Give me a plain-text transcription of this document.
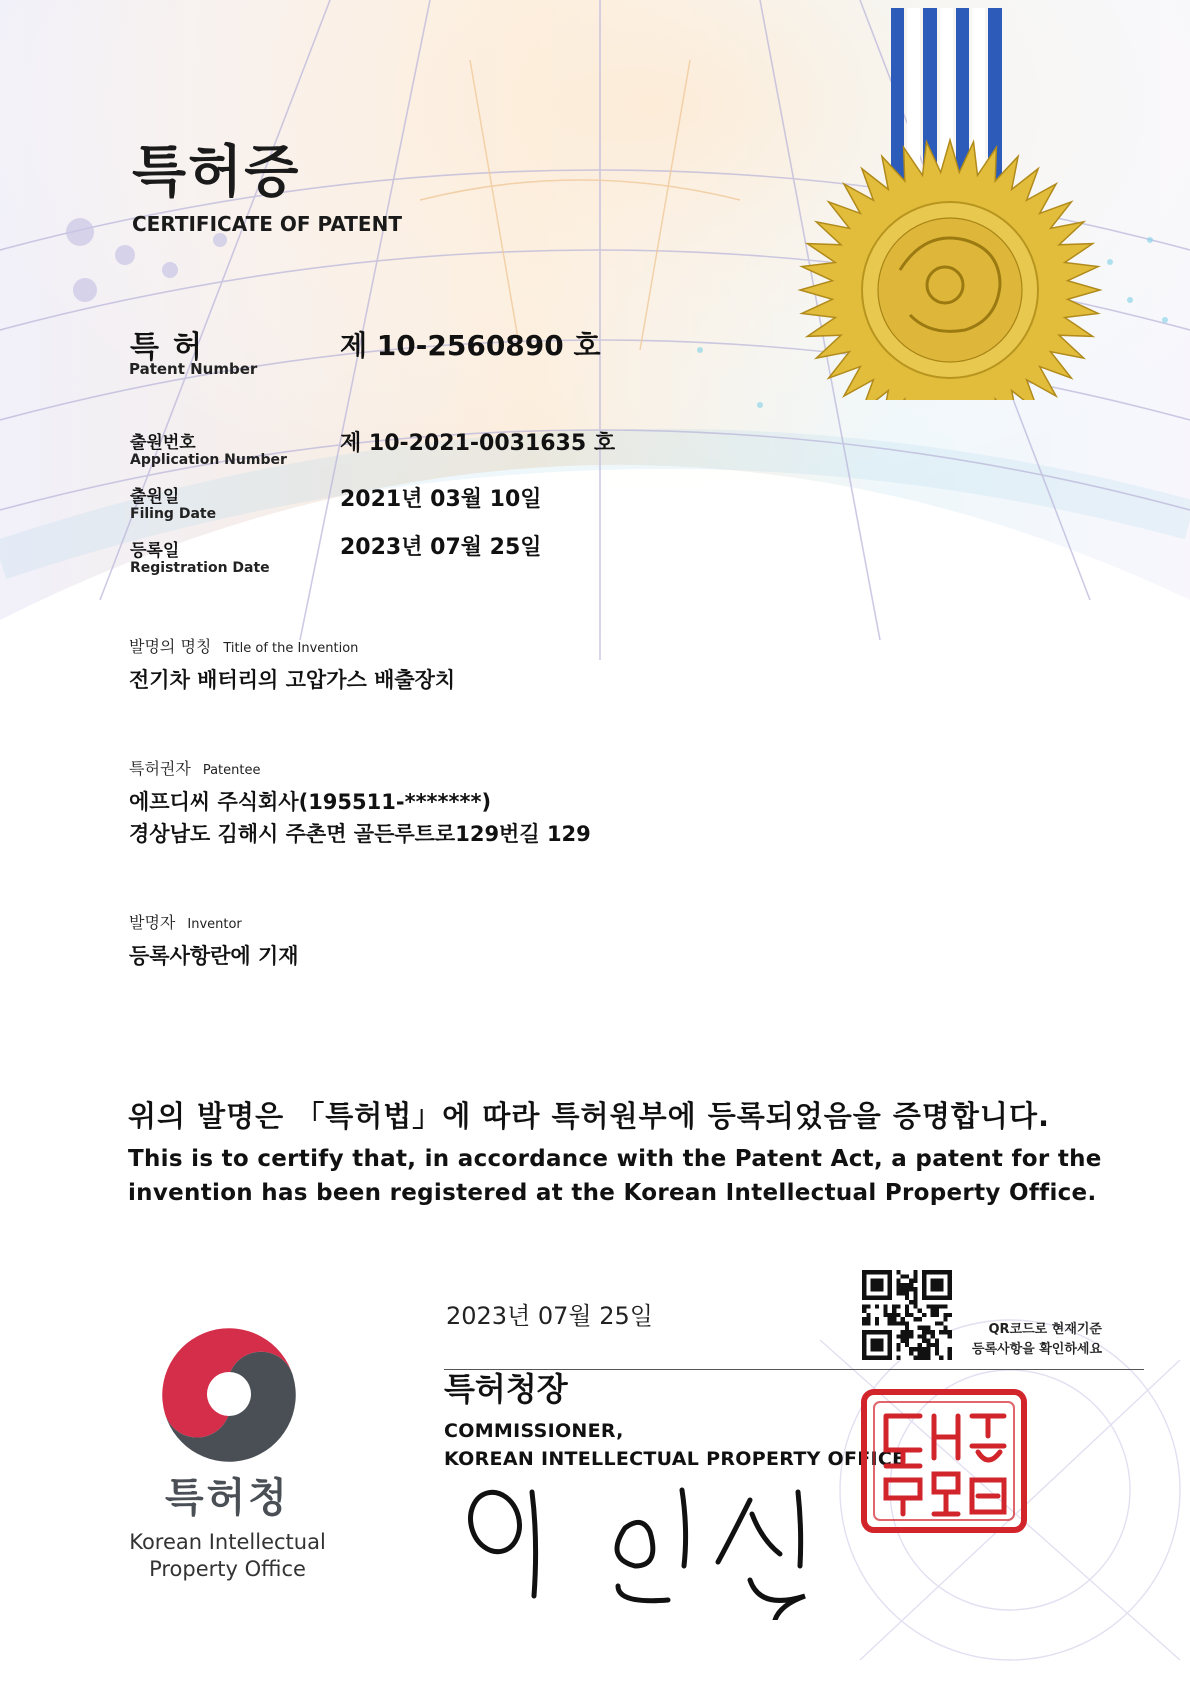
특허증
CERTIFICATE OF PATENT
특허
Patent Number
제 10-2560890 호
출원번호
Application Number
제 10-2021-0031635 호
출원일
Filing Date
2021년 03월 10일
등록일
Registration Date
2023년 07월 25일
발명의 명칭 Title of the Invention
전기차 배터리의 고압가스 배출장치
특허권자 Patentee
에프디씨 주식회사(195511-*******)
경상남도 김해시 주촌면 골든루트로129번길 129
발명자 Inventor
등록사항란에 기재
위의 발명은 「특허법」에 따라 특허원부에 등록되었음을 증명합니다.
This is to certify that, in accordance with the Patent Act, a patent for the
invention has been registered at the Korean Intellectual Property Office.
2023년 07월 25일
특허청장
COMMISSIONER,
KOREAN INTELLECTUAL PROPERTY OFFICE
특허청
Korean Intellectual
Property Office
QR코드로 현재기준
등록사항을 확인하세요
